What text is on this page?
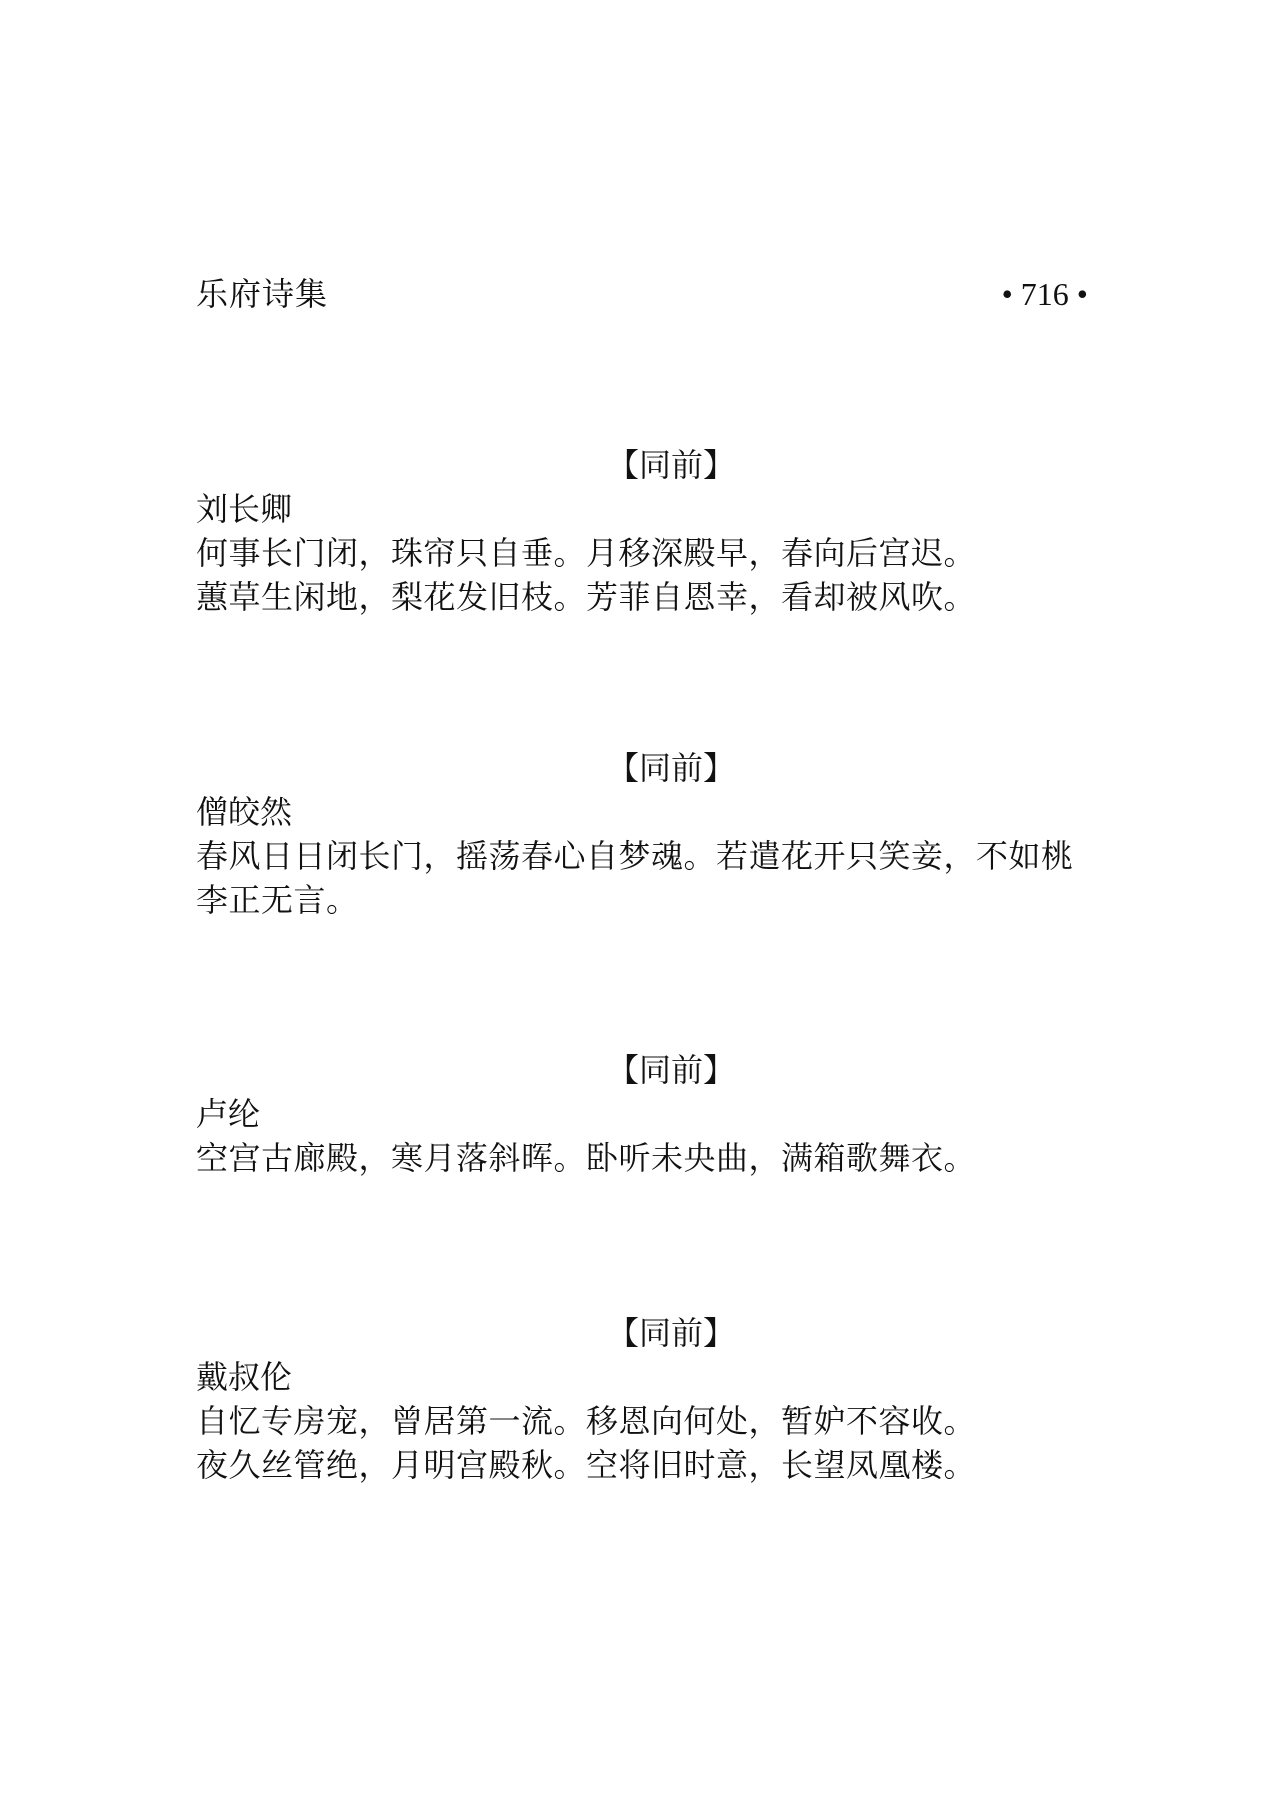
乐府诗集	• 716 •
【同前】
刘长卿
何事长门闭，珠帘只自垂。月移深殿早，春向后宫迟。
蕙草生闲地，梨花发旧枝。芳菲自恩幸，看却被风吹。
【同前】
僧皎然
春风日日闭长门，摇荡春心自梦魂。若遣花开只笑妾，不如桃
李正无言。
【同前】
卢纶
空宫古廊殿，寒月落斜晖。卧听未央曲，满箱歌舞衣。
【同前】
戴叔伦
自忆专房宠，曾居第一流。移恩向何处，暂妒不容收。
夜久丝管绝，月明宫殿秋。空将旧时意，长望凤凰楼。
